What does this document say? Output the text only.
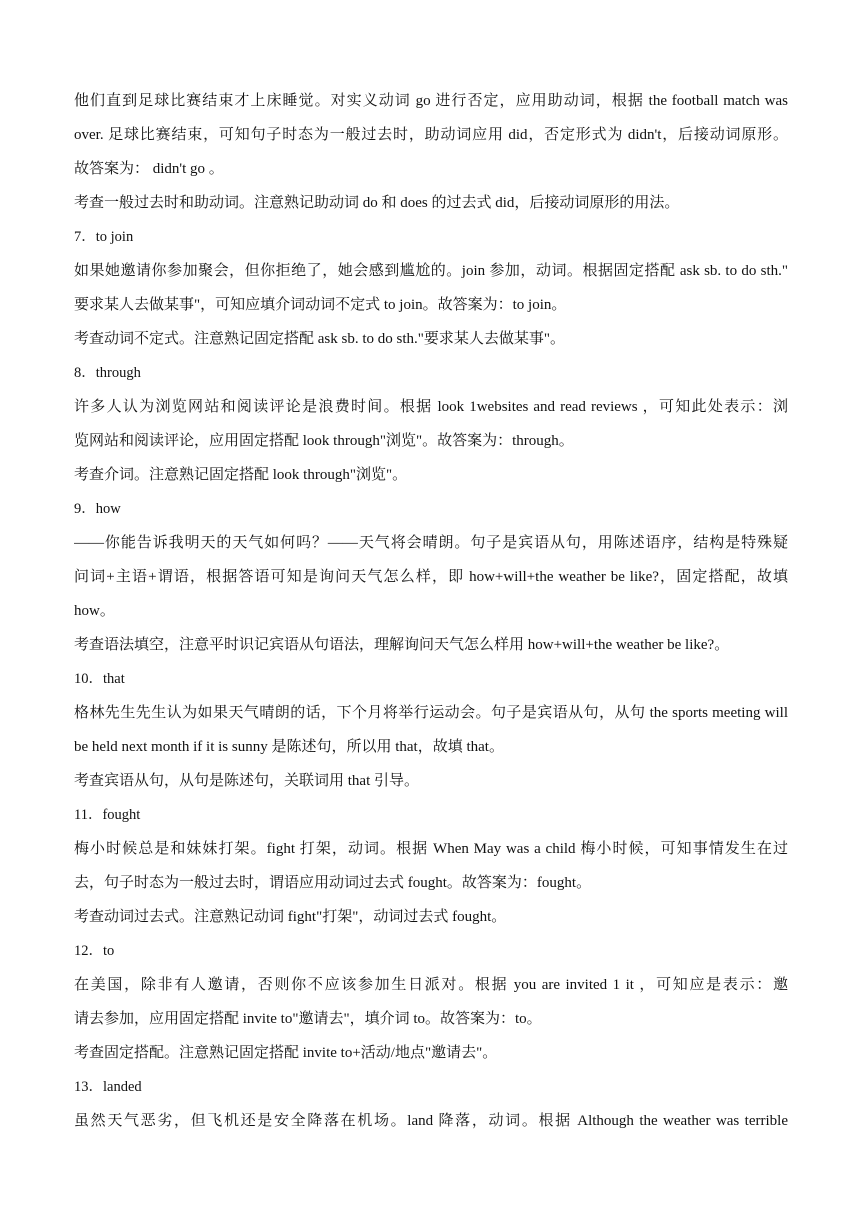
他们直到足球比赛结束才上床睡觉。对实义动词 go 进行否定，应用助动词，根据 the football match was
over. 足球比赛结束，可知句子时态为一般过去时，助动词应用 did，否定形式为 didn't，后接动词原形。
故答案为： didn't go 。
考查一般过去时和助动词。注意熟记助动词 do 和 does 的过去式 did，后接动词原形的用法。
7．to join
如果她邀请你参加聚会，但你拒绝了，她会感到尴尬的。join 参加，动词。根据固定搭配 ask sb. to do sth."
要求某人去做某事"，可知应填介词动词不定式 to join。故答案为：to join。
考查动词不定式。注意熟记固定搭配 ask sb. to do sth."要求某人去做某事"。
8．through
许多人认为浏览网站和阅读评论是浪费时间。根据 look 1websites and read reviews ，可知此处表示：浏
览网站和阅读评论，应用固定搭配 look through"浏览"。故答案为：through。
考查介词。注意熟记固定搭配 look through"浏览"。
9．how
——你能告诉我明天的天气如何吗？——天气将会晴朗。句子是宾语从句，用陈述语序，结构是特殊疑
问词+主语+谓语，根据答语可知是询问天气怎么样，即 how+will+the weather be like?，固定搭配，故填
how。
考查语法填空，注意平时识记宾语从句语法，理解询问天气怎么样用 how+will+the weather be like?。
10．that
格林先生先生认为如果天气晴朗的话，下个月将举行运动会。句子是宾语从句，从句 the sports meeting will
be held next month if it is sunny 是陈述句，所以用 that，故填 that。
考查宾语从句，从句是陈述句，关联词用 that 引导。
11．fought
梅小时候总是和妹妹打架。fight 打架，动词。根据 When May was a child 梅小时候，可知事情发生在过
去，句子时态为一般过去时，谓语应用动词过去式 fought。故答案为：fought。
考查动词过去式。注意熟记动词 fight"打架"，动词过去式 fought。
12．to
在美国，除非有人邀请，否则你不应该参加生日派对。根据 you are invited 1 it ，可知应是表示：邀
请去参加，应用固定搭配 invite to"邀请去"，填介词 to。故答案为：to。
考查固定搭配。注意熟记固定搭配 invite to+活动/地点"邀请去"。
13．landed
虽然天气恶劣，但飞机还是安全降落在机场。land 降落，动词。根据 Although the weather was terrible
